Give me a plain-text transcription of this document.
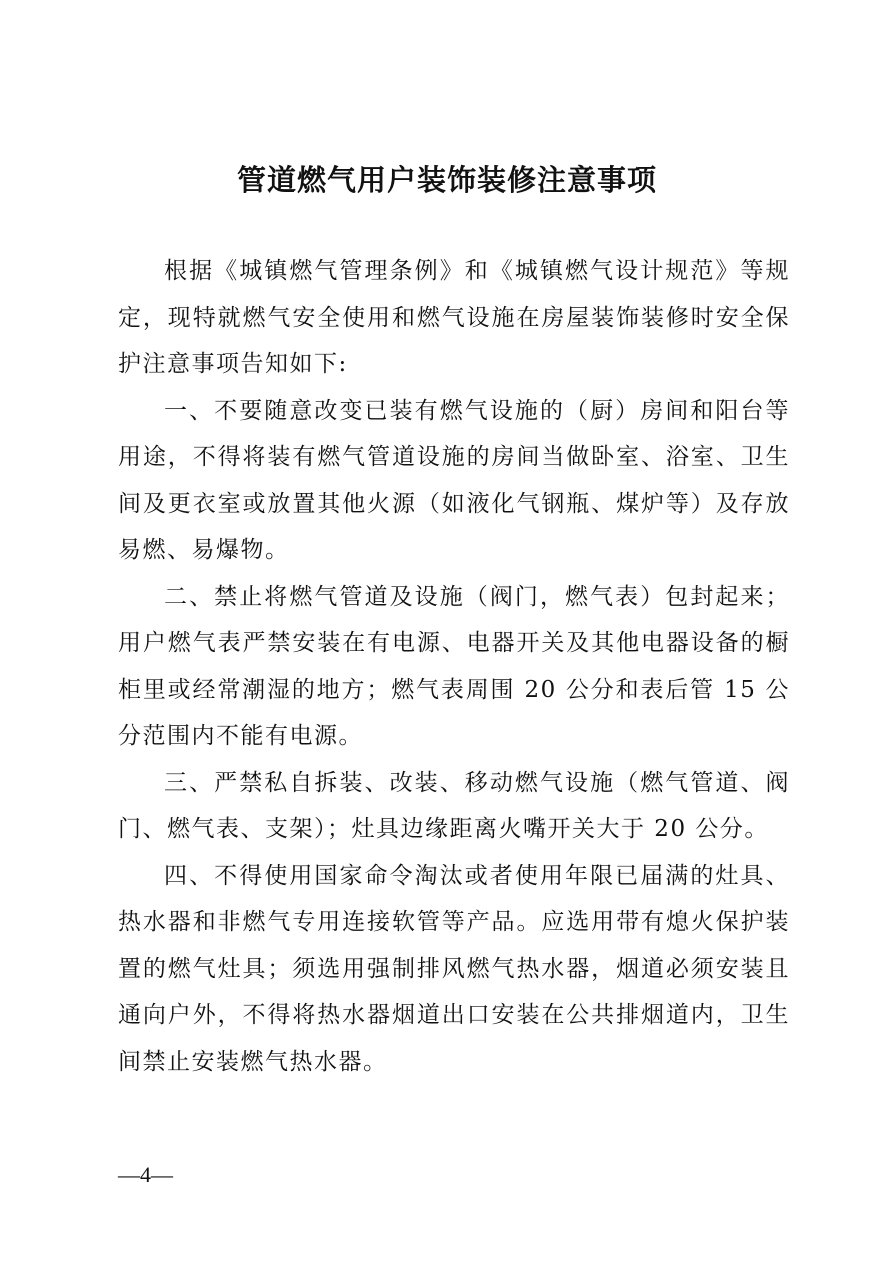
管道燃气用户装饰装修注意事项

根据《城镇燃气管理条例》和《城镇燃气设计规范》等规定，现特就燃气安全使用和燃气设施在房屋装饰装修时安全保护注意事项告知如下:

一、不要随意改变已装有燃气设施的（厨）房间和阳台等用途，不得将装有燃气管道设施的房间当做卧室、浴室、卫生间及更衣室或放置其他火源（如液化气钢瓶、煤炉等）及存放易燃、易爆物。

二、禁止将燃气管道及设施（阀门，燃气表）包封起来；用户燃气表严禁安装在有电源、电器开关及其他电器设备的橱柜里或经常潮湿的地方；燃气表周围 20 公分和表后管 15 公分范围内不能有电源。

三、严禁私自拆装、改装、移动燃气设施（燃气管道、阀门、燃气表、支架）；灶具边缘距离火嘴开关大于 20 公分。

四、不得使用国家命令淘汰或者使用年限已届满的灶具、热水器和非燃气专用连接软管等产品。应选用带有熄火保护装置的燃气灶具；须选用强制排风燃气热水器，烟道必须安装且通向户外，不得将热水器烟道出口安装在公共排烟道内，卫生间禁止安装燃气热水器。

—4—
